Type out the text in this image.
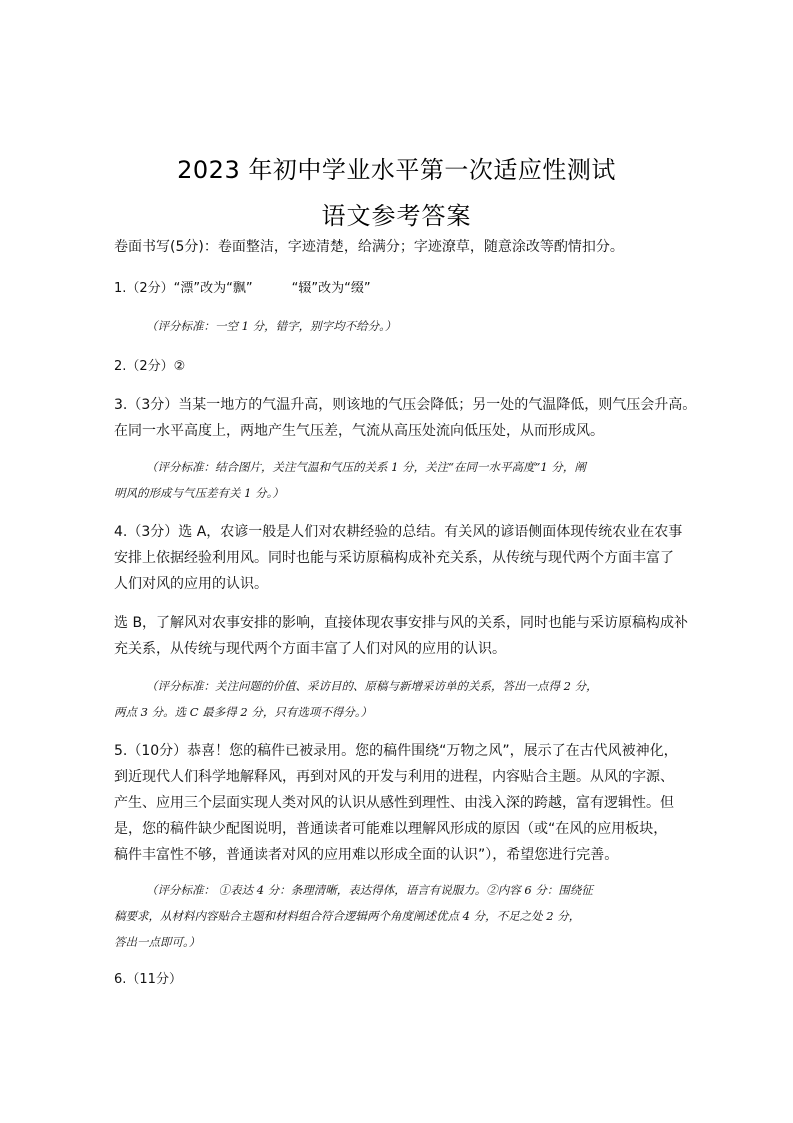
2023 年初中学业水平第一次适应性测试
语文参考答案

卷面书写(5分)：卷面整洁，字迹清楚，给满分；字迹潦草，随意涂改等酌情扣分。

1.（2分）“漂”改为“飘”　　　“辍”改为“缀”

（评分标准：一空 1 分，错字，别字均不给分。）

2.（2分）②

3.（3分）当某一地方的气温升高，则该地的气压会降低；另一处的气温降低，则气压会升高。
在同一水平高度上，两地产生气压差，气流从高压处流向低压处，从而形成风。

（评分标准：结合图片，关注气温和气压的关系 1 分，关注“在同一水平高度”1 分，阐
明风的形成与气压差有关 1 分。）

4.（3分）选 A，农谚一般是人们对农耕经验的总结。有关风的谚语侧面体现传统农业在农事
安排上依据经验利用风。同时也能与采访原稿构成补充关系，从传统与现代两个方面丰富了
人们对风的应用的认识。

选 B，了解风对农事安排的影响，直接体现农事安排与风的关系，同时也能与采访原稿构成补
充关系，从传统与现代两个方面丰富了人们对风的应用的认识。

（评分标准：关注问题的价值、采访目的、原稿与新增采访单的关系，答出一点得 2 分，
两点 3 分。选 C 最多得 2 分，只有选项不得分。）

5.（10分）恭喜！您的稿件已被录用。您的稿件围绕“万物之风”，展示了在古代风被神化，
到近现代人们科学地解释风，再到对风的开发与利用的进程，内容贴合主题。从风的字源、
产生、应用三个层面实现人类对风的认识从感性到理性、由浅入深的跨越，富有逻辑性。但
是，您的稿件缺少配图说明，普通读者可能难以理解风形成的原因（或“在风的应用板块，
稿件丰富性不够，普通读者对风的应用难以形成全面的认识”），希望您进行完善。

（评分标准： ①表达 4 分：条理清晰，表达得体，语言有说服力。②内容 6 分：围绕征
稿要求，从材料内容贴合主题和材料组合符合逻辑两个角度阐述优点 4 分，不足之处 2 分，
答出一点即可。）

6.（11分）
